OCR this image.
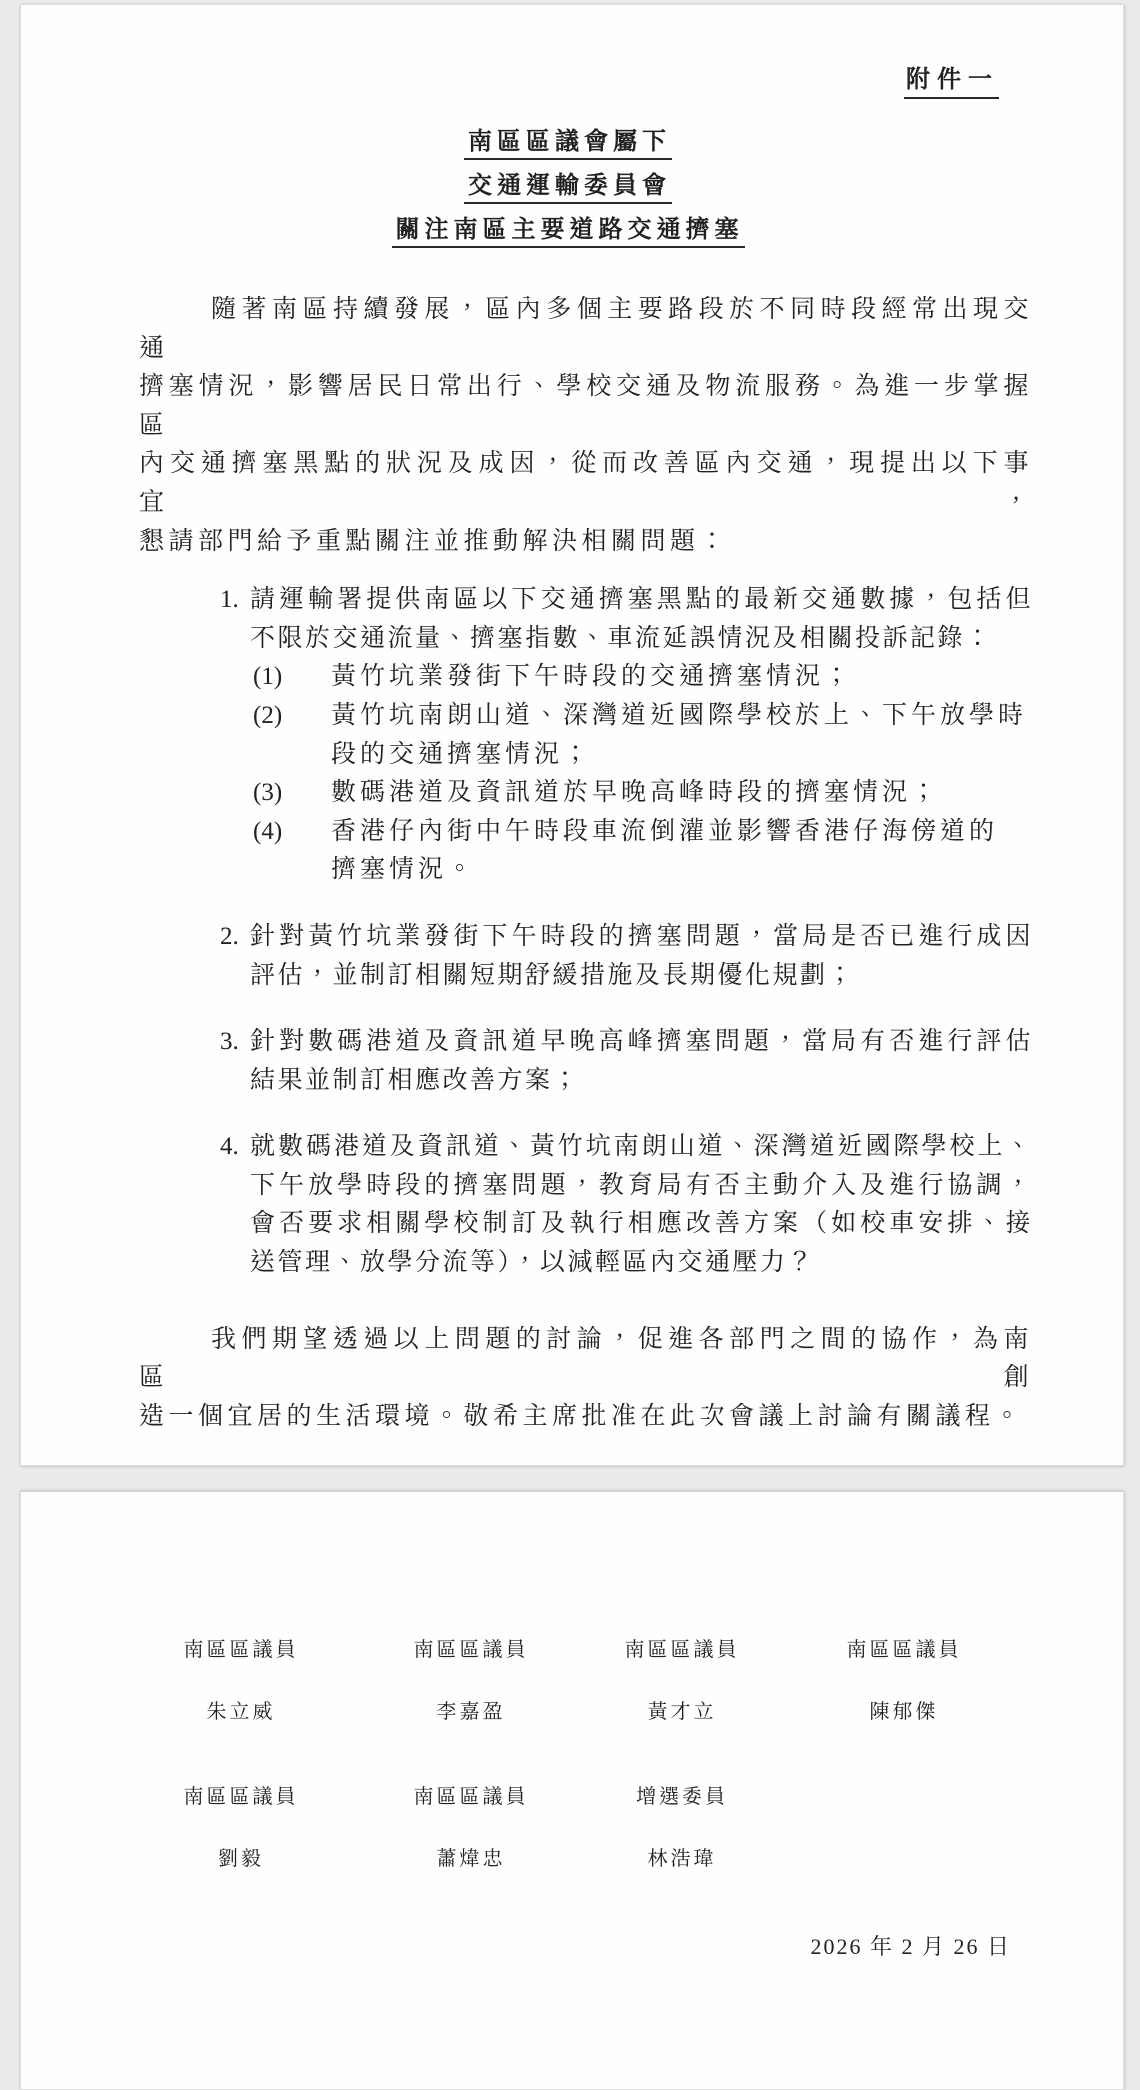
附件一
南區區議會屬下
交通運輸委員會
關注南區主要道路交通擠塞
隨著南區持續發展，區內多個主要路段於不同時段經常出現交通
擠塞情況，影響居民日常出行、學校交通及物流服務。為進一步掌握區
內交通擠塞黑點的狀況及成因，從而改善區內交通，現提出以下事宜，
懇請部門給予重點關注並推動解決相關問題：
1. 請運輸署提供南區以下交通擠塞黑點的最新交通數據，包括但
不限於交通流量、擠塞指數、車流延誤情況及相關投訴記錄：
(1) 黃竹坑業發街下午時段的交通擠塞情況；
(2) 黃竹坑南朗山道、深灣道近國際學校於上、下午放學時
段的交通擠塞情況；
(3) 數碼港道及資訊道於早晚高峰時段的擠塞情況；
(4) 香港仔內街中午時段車流倒灌並影響香港仔海傍道的
擠塞情況。
2. 針對黃竹坑業發街下午時段的擠塞問題，當局是否已進行成因
評估，並制訂相關短期舒緩措施及長期優化規劃；
3. 針對數碼港道及資訊道早晚高峰擠塞問題，當局有否進行評估
結果並制訂相應改善方案；
4. 就數碼港道及資訊道、黃竹坑南朗山道、深灣道近國際學校上、
下午放學時段的擠塞問題，教育局有否主動介入及進行協調，
會否要求相關學校制訂及執行相應改善方案（如校車安排、接
送管理、放學分流等），以減輕區內交通壓力？
我們期望透過以上問題的討論，促進各部門之間的協作，為南區創
造一個宜居的生活環境。敬希主席批准在此次會議上討論有關議程。
南區區議員
朱立威
南區區議員
李嘉盈
南區區議員
黃才立
南區區議員
陳郁傑
南區區議員
劉毅
南區區議員
蕭煒忠
增選委員
林浩瑋
2026 年 2 月 26 日
